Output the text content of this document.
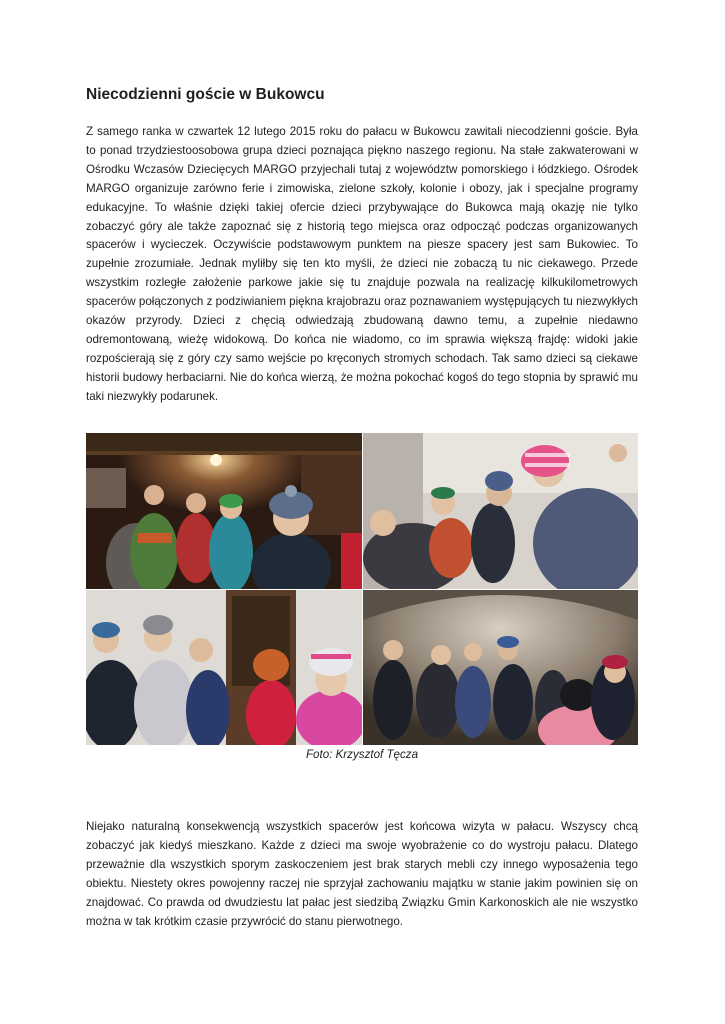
Niecodzienni goście w Bukowcu

Z samego ranka w czwartek 12 lutego 2015 roku do pałacu w Bukowcu zawitali niecodzienni goście. Była to ponad trzydziestoosobowa grupa dzieci poznająca piękno naszego regionu. Na stałe zakwaterowani w Ośrodku Wczasów Dziecięcych MARGO przyjechali tutaj z województw pomorskiego i łódzkiego. Ośrodek MARGO organizuje zarówno ferie i zimowiska, zielone szkoły, kolonie i obozy, jak i specjalne programy edukacyjne. To właśnie dzięki takiej ofercie dzieci przybywające do Bukowca mają okazję nie tylko zobaczyć góry ale także zapoznać się z historią tego miejsca oraz odpocząć podczas organizowanych spacerów i wycieczek. Oczywiście podstawowym punktem na piesze spacery jest sam Bukowiec. To zupełnie zrozumiałe. Jednak myliłby się ten kto myśli, że dzieci nie zobaczą tu nic ciekawego. Przede wszystkim rozległe założenie parkowe jakie się tu znajduje pozwala na realizację kilkukilometrowych spacerów połączonych z podziwianiem piękna krajobrazu oraz poznawaniem występujących tu niezwykłych okazów przyrody. Dzieci z chęcią odwiedzają zbudowaną dawno temu, a zupełnie niedawno odremontowaną, wieżę widokową. Do końca nie wiadomo, co im sprawia większą frajdę: widoki jakie rozpościerają się z góry czy samo wejście po kręconych stromych schodach. Tak samo dzieci są ciekawe historii budowy herbaciarni. Nie do końca wierzą, że można pokochać kogoś do tego stopnia by sprawić mu taki niezwykły podarunek.

Foto: Krzysztof Tęcza

Niejako naturalną konsekwencją wszystkich spacerów jest końcowa wizyta w pałacu. Wszyscy chcą zobaczyć jak kiedyś mieszkano. Każde z dzieci ma swoje wyobrażenie co do wystroju pałacu. Dlatego przeważnie dla wszystkich sporym zaskoczeniem jest brak starych mebli czy innego wyposażenia tego obiektu. Niestety okres powojenny raczej nie sprzyjał zachowaniu majątku w stanie jakim powinien się on znajdować. Co prawda od dwudziestu lat pałac jest siedzibą Związku Gmin Karkonoskich ale nie wszystko można w tak krótkim czasie przywrócić do stanu pierwotnego.
